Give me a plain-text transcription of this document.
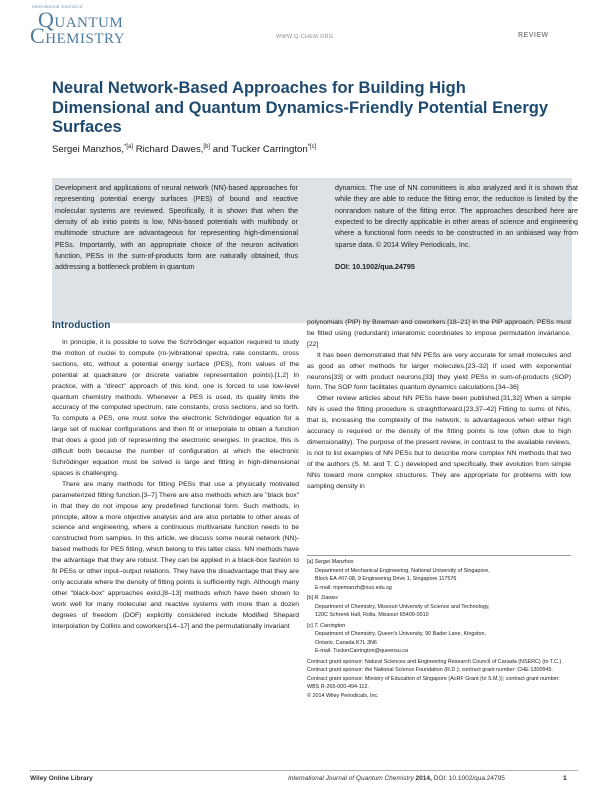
International Journal of
QUANTUM
CHEMISTRY	WWW.Q-CHEM.ORG	REVIEW
Neural Network-Based Approaches for Building High Dimensional and Quantum Dynamics-Friendly Potential Energy Surfaces
Sergei Manzhos,$^{*[a]}$ Richard Dawes,[b] and Tucker Carrington$^{*[c]}$
Development and applications of neural network (NN)-based approaches for representing potential energy surfaces (PES) of bound and reactive molecular systems are reviewed. Specifically, it is shown that when the density of ab initio points is low, NNs-based potentials with multibody or multimode structure are advantageous for representing high-dimensional PESs. Importantly, with an appropriate choice of the neuron activation function, PESs in the sum-of-products form are naturally obtained, thus addressing a bottleneck problem in quantum
dynamics. The use of NN committees is also analyzed and it is shown that while they are able to reduce the fitting error, the reduction is limited by the nonrandom nature of the fitting error. The approaches described here are expected to be directly applicable in other areas of science and engineering where a functional form needs to be constructed in an unbiased way from sparse data. © 2014 Wiley Periodicals, Inc.
DOI: 10.1002/qua.24795
Introduction

In principle, it is possible to solve the Schrödinger equation required to study the motion of nuclei to compute (ro-)vibrational spectra, rate constants, cross sections, etc, without a potential energy surface (PES), from values of the potential at quadrature (or discrete variable representation points).[1,2] In practice, with a "direct" approach of this kind, one is forced to use low-level quantum chemistry methods. Whenever a PES is used, its quality limits the accuracy of the computed spectrum, rate constants, cross sections, and so forth. To compute a PES, one must solve the electronic Schrödinger equation for a large set of nuclear configurations and then fit or interpolate to obtain a function that does a good job of representing the electronic energies. In practice, this is difficult both because the number of configuration at which the electronic Schrödinger equation must be solved is large and fitting in high-dimensional spaces is challenging.

There are many methods for fitting PESs that use a physically motivated parameterized fitting function.[3–7] There are also methods which are "black box" in that they do not impose any predefined functional form. Such methods, in principle, allow a more objective analysis and are also portable to other areas of science and engineering, where a continuous multivariate function needs to be constructed from samples. In this article, we discuss some neural network (NN)-based methods for PES fitting, which belong to this latter class. NN methods have the advantage that they are robust. They can be applied in a black-box fashion to fit PESs or other input–output relations. They have the disadvantage that they are only accurate where the density of fitting points is sufficiently high. Although many other "black-box" approaches exist,[8–13] methods which have been shown to work well for many molecular and reactive systems with more than a dozen degrees of freedom (DOF) explicitly considered include Modified Shepard Interpolation by Collins and coworkers[14–17] and the permutationally invariant

polynomials (PIP) by Bowman and coworkers.[18–21] In the PIP approach, PESs must be fitted using (redundant) interatomic coordinates to impose permutation invariance.[22]

It has been demonstrated that NN PESs are very accurate for small molecules and as good as other methods for larger molecules.[23–32] If used with exponential neurons[33] or with product neurons,[33] they yield PESs in sum-of-products (SOP) form. The SOP form facilitates quantum dynamics calculations.[34–36]

Other review articles about NN PESs have been published.[31,32] When a simple NN is used the fitting procedure is straightforward.[23,37–42] Fitting to sums of NNs, that is, increasing the complexity of the network, is advantageous when either high accuracy is required or the density of the fitting points is low (often due to high dimensionality). The purpose of the present review, in contrast to the available reviews, is not to list examples of NN PESs but to describe more complex NN methods that two of the authors (S. M. and T. C.) developed and specifically, their evolution from simple NNs toward more complex structures. They are appropriate for problems with low sampling density in

[a] Sergei Manzhos
Department of Mechanical Engineering, National University of Singapore,
Block EA #07-08, 9 Engineering Drive 1, Singapore 117576
E-mail: mpemanzh@nus.edu.sg
[b] R. Dawes
Department of Chemistry, Missouri University of Science and Technology,
120C Schrenk Hall, Rolla, Missouri 65409-0010
[c] T. Carrington
Department of Chemistry, Queen's University, 90 Bader Lane, Kingston,
Ontario, Canada K7L 3N6
E-mail: TuckerCarrington@queensu.ca
Contract grant sponsor: Natural Sciences and Engineering Research Council of Canada (NSERC) (to T.C.).
Contract grant sponsor: the National Science Foundation (R.D.); contract grant number: CHE-1300945.
Contract grant sponsor: Ministry of Education of Singapore (AcRF Grant (to S.M.)); contract grant number: WBS R-265-000-494-112.
© 2014 Wiley Periodicals, Inc.
Wiley Online Library	International Journal of Quantum Chemistry 2014, DOI: 10.1002/qua.24795	1
